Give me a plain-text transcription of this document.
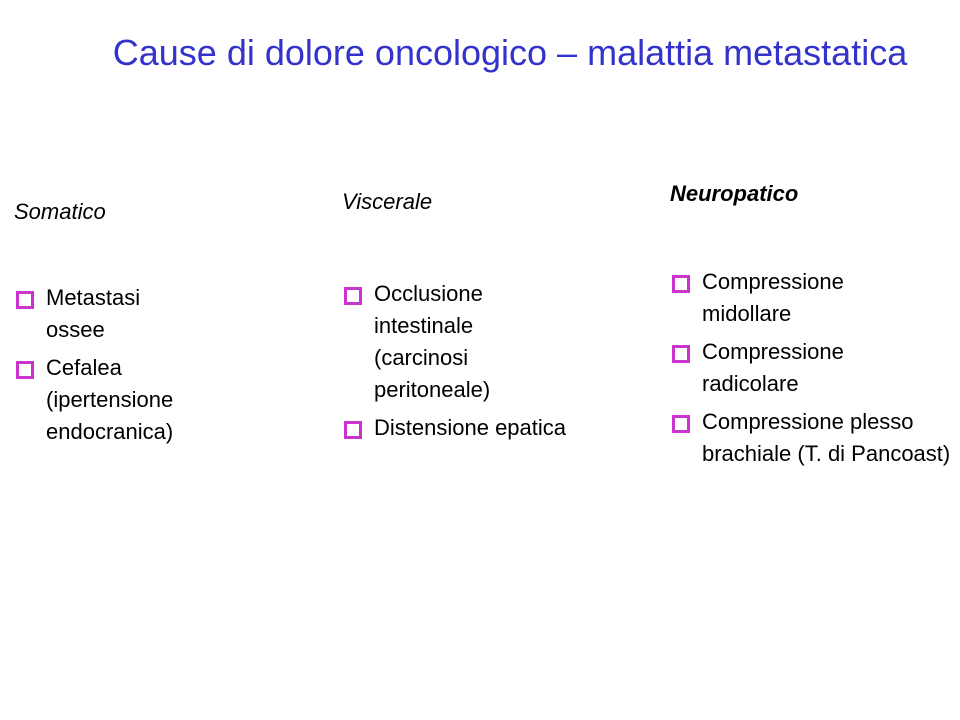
Cause di dolore oncologico – malattia metastatica
Somatico
Metastasi ossee
Cefalea (ipertensione endocranica)
Viscerale
Occlusione intestinale (carcinosi peritoneale)
Distensione epatica
Neuropatico
Compressione midollare
Compressione radicolare
Compressione plesso brachiale (T. di Pancoast)
